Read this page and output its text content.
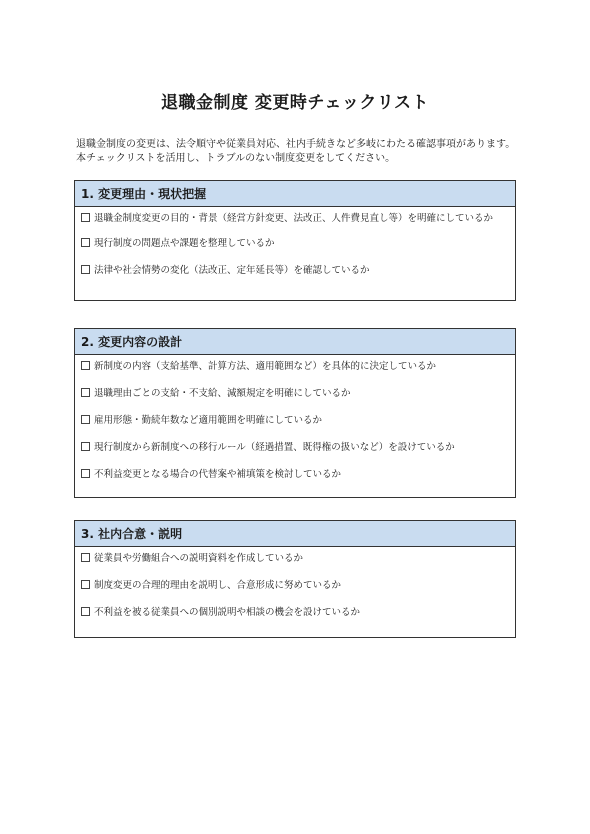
退職金制度 変更時チェックリスト

退職金制度の変更は、法令順守や従業員対応、社内手続きなど多岐にわたる確認事項があります。本チェックリストを活用し、トラブルのない制度変更をしてください。

1. 変更理由・現状把握
退職金制度変更の目的・背景（経営方針変更、法改正、人件費見直し等）を明確にしているか
現行制度の問題点や課題を整理しているか
法律や社会情勢の変化（法改正、定年延長等）を確認しているか
2. 変更内容の設計
新制度の内容（支給基準、計算方法、適用範囲など）を具体的に決定しているか
退職理由ごとの支給・不支給、減額規定を明確にしているか
雇用形態・勤続年数など適用範囲を明確にしているか
現行制度から新制度への移行ルール（経過措置、既得権の扱いなど）を設けているか
不利益変更となる場合の代替案や補填策を検討しているか
3. 社内合意・説明
従業員や労働組合への説明資料を作成しているか
制度変更の合理的理由を説明し、合意形成に努めているか
不利益を被る従業員への個別説明や相談の機会を設けているか
